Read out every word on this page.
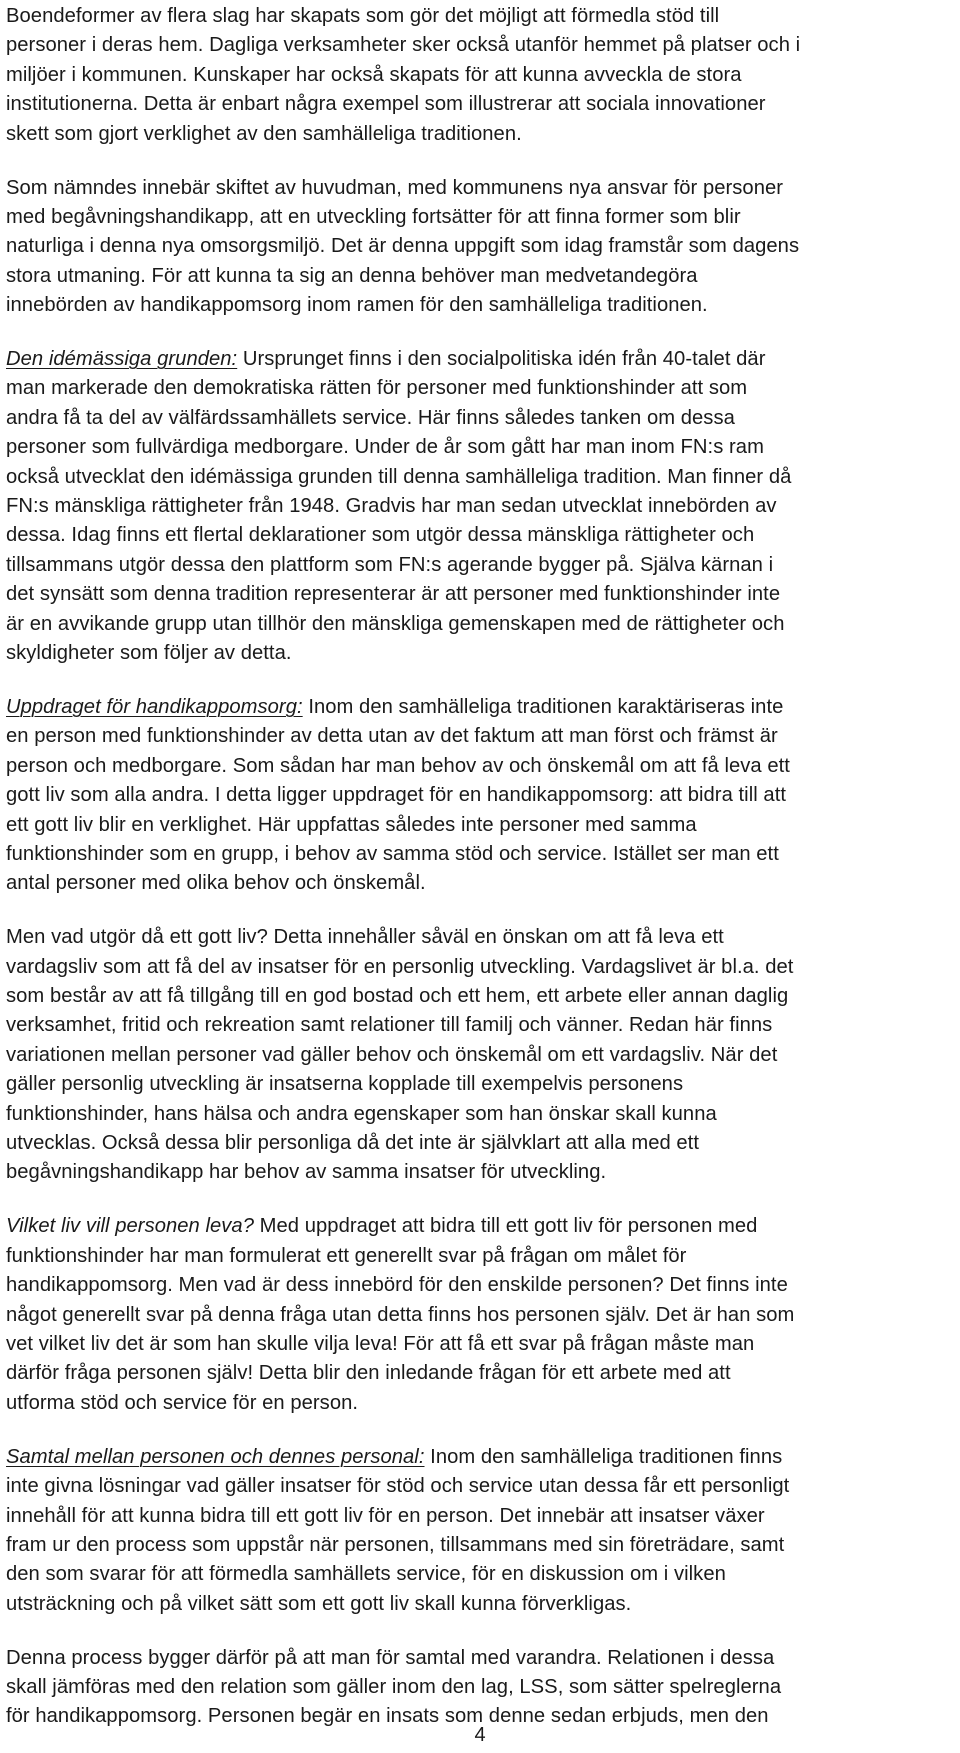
Boendeformer av flera slag har skapats som gör det möjligt att förmedla stöd till
personer i deras hem. Dagliga verksamheter sker också utanför hemmet på platser och i
miljöer i kommunen. Kunskaper har också skapats för att kunna avveckla de stora
institutionerna. Detta är enbart några exempel som illustrerar att sociala innovationer
skett som gjort verklighet av den samhälleliga traditionen.

Som nämndes innebär skiftet av huvudman, med kommunens nya ansvar för personer
med begåvningshandikapp, att en utveckling fortsätter för att finna former som blir
naturliga i denna nya omsorgsmiljö. Det är denna uppgift som idag framstår som dagens
stora utmaning. För att kunna ta sig an denna behöver man medvetandegöra
innebörden av handikappomsorg inom ramen för den samhälleliga traditionen.

Den idémässiga grunden: Ursprunget finns i den socialpolitiska idén från 40-talet där
man markerade den demokratiska rätten för personer med funktionshinder att som
andra få ta del av välfärdssamhällets service. Här finns således tanken om dessa
personer som fullvärdiga medborgare. Under de år som gått har man inom FN:s ram
också utvecklat den idémässiga grunden till denna samhälleliga tradition. Man finner då
FN:s mänskliga rättigheter från 1948. Gradvis har man sedan utvecklat innebörden av
dessa. Idag finns ett flertal deklarationer som utgör dessa mänskliga rättigheter och
tillsammans utgör dessa den plattform som FN:s agerande bygger på. Själva kärnan i
det synsätt som denna tradition representerar är att personer med funktionshinder inte
är en avvikande grupp utan tillhör den mänskliga gemenskapen med de rättigheter och
skyldigheter som följer av detta.

Uppdraget för handikappomsorg: Inom den samhälleliga traditionen karaktäriseras inte
en person med funktionshinder av detta utan av det faktum att man först och främst är
person och medborgare. Som sådan har man behov av och önskemål om att få leva ett
gott liv som alla andra. I detta ligger uppdraget för en handikappomsorg: att bidra till att
ett gott liv blir en verklighet. Här uppfattas således inte personer med samma
funktionshinder som en grupp, i behov av samma stöd och service. Istället ser man ett
antal personer med olika behov och önskemål.

Men vad utgör då ett gott liv? Detta innehåller såväl en önskan om att få leva ett
vardagsliv som att få del av insatser för en personlig utveckling. Vardagslivet är bl.a. det
som består av att få tillgång till en god bostad och ett hem, ett arbete eller annan daglig
verksamhet, fritid och rekreation samt relationer till familj och vänner. Redan här finns
variationen mellan personer vad gäller behov och önskemål om ett vardagsliv. När det
gäller personlig utveckling är insatserna kopplade till exempelvis personens
funktionshinder, hans hälsa och andra egenskaper som han önskar skall kunna
utvecklas. Också dessa blir personliga då det inte är självklart att alla med ett
begåvningshandikapp har behov av samma insatser för utveckling.

Vilket liv vill personen leva? Med uppdraget att bidra till ett gott liv för personen med
funktionshinder har man formulerat ett generellt svar på frågan om målet för
handikappomsorg. Men vad är dess innebörd för den enskilde personen? Det finns inte
något generellt svar på denna fråga utan detta finns hos personen själv. Det är han som
vet vilket liv det är som han skulle vilja leva! För att få ett svar på frågan måste man
därför fråga personen själv! Detta blir den inledande frågan för ett arbete med att
utforma stöd och service för en person.

Samtal mellan personen och dennes personal: Inom den samhälleliga traditionen finns
inte givna lösningar vad gäller insatser för stöd och service utan dessa får ett personligt
innehåll för att kunna bidra till ett gott liv för en person. Det innebär att insatser växer
fram ur den process som uppstår när personen, tillsammans med sin företrädare, samt
den som svarar för att förmedla samhällets service, för en diskussion om i vilken
utsträckning och på vilket sätt som ett gott liv skall kunna förverkligas.

Denna process bygger därför på att man för samtal med varandra. Relationen i dessa
skall jämföras med den relation som gäller inom den lag, LSS, som sätter spelreglerna
för handikappomsorg. Personen begär en insats som denne sedan erbjuds, men den

4
